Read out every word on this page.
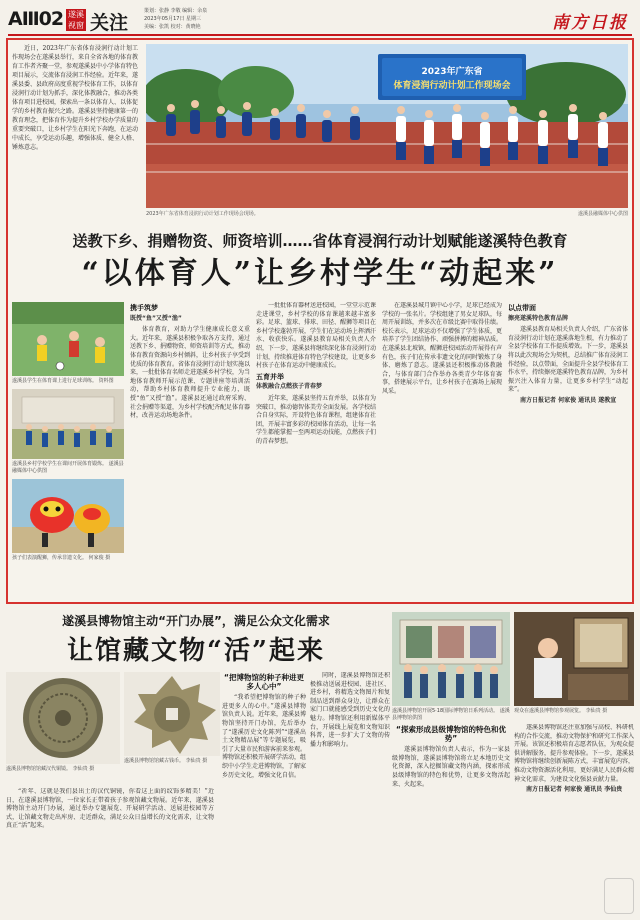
AⅢ02 遂溪 视窗 关注
策划：张静 李敬 编辑：余泉
2023年05月17日 星期三
美编：张凯 校对：黄晓艳	南方日报
近日，2023年广东省体育浸润行动计划工作现场会在遂溪县举行，来自全省各地的体育教育工作者齐聚一堂，参观遂溪县中小学体育特色项目展示，交流体育浸润工作经验。近年来，遂溪县委、县政府高度重视学校体育工作，以体育浸润行动计划为抓手，深化体教融合，推动各类体育项目进校园，探索出一条以体育人、以体促学的乡村教育振兴之路。遂溪县坚持健康第一的教育理念，把体育作为提升乡村学校办学质量的重要突破口，让乡村学生在阳光下奔跑，在运动中成长，享受运动乐趣，增强体质、健全人格、锤炼意志。
2023年广东省
体育浸润行动计划工作现场会
2023年广东省体育浸润行动计划工作现场会现场。	遂溪县融媒体中心供图
送教下乡、捐赠物资、师资培训……省体育浸润行动计划赋能遂溪特色教育
“以体育人”让乡村学生“动起来”
遂溪县学生在体育课上进行足球训练。 资料图
遂溪县乡村学校学生在课间开展体育锻炼。 遂溪县融媒体中心供图
孩子们表演醒狮，传承非遗文化。 何家俊 摄
携手筑梦
既授“鱼”又授“渔”

体育教育，对助力学生健康成长意义重大。近年来，遂溪县积极争取各方支持，通过送教下乡、捐赠物资、师资培训等方式，推动体育教育资源向乡村倾斜，让乡村孩子享受到优质的体育教育。省体育浸润行动计划实施以来，一批批体育名师走进遂溪乡村学校，为当地体育教师开展示范课、专题讲座等培训活动，帮助乡村体育教师提升专业能力，既授“鱼”又授“渔”。遂溪县还通过政府采购、社会捐赠等渠道，为乡村学校配齐配足体育器材，改善运动场地条件。

一批批体育器材送进校园，一堂堂示范课走进课堂，乡村学校的体育课越来越丰富多彩。足球、篮球、排球、田径、醒狮等项目在乡村学校蓬勃开展，学生们在运动场上挥洒汗水、收获快乐。遂溪县教育局相关负责人介绍，下一步，遂溪县将继续深化体育浸润行动计划，持续推进体育特色学校建设，让更多乡村孩子在体育运动中健康成长。

五育并举
体教融合点燃孩子青春梦

近年来，遂溪县坚持五育并举，以体育为突破口，推动德智体美劳全面发展。各学校结合自身实际，开设特色体育课程，组建体育社团，开展丰富多彩的校园体育活动，让每一名学生都能掌握一至两项运动技能，点燃孩子们的青春梦想。

在遂溪县城月镇中心小学，足球已经成为学校的一张名片。学校组建了男女足球队，每周开展训练，并多次在市级比赛中取得佳绩。校长表示，足球运动不仅增强了学生体质，更培养了学生团结协作、顽强拼搏的精神品质。在遂溪县北坡镇，醒狮进校园活动开展得有声有色，孩子们在传承非遗文化的同时锻炼了身体、磨炼了意志。遂溪县还积极推动体教融合，与体育部门合作举办各类青少年体育赛事，搭建展示平台，让乡村孩子在赛场上展现风采。

以点带面
擦亮遂溪特色教育品牌

遂溪县教育局相关负责人介绍，广东省体育浸润行动计划在遂溪落地生根，有力推动了全县学校体育工作提质增效。下一步，遂溪县将以此次现场会为契机，总结推广体育浸润工作经验，以点带面，全面提升全县学校体育工作水平，持续擦亮遂溪特色教育品牌，为乡村振兴注入体育力量，让更多乡村学生“动起来”。

南方日报记者 何家俊 通讯员 遂教宣

遂溪县博物馆主动“开门办展”，满足公众文化需求
让馆藏文物“活”起来
遂溪县博物馆馆藏汉代铜镜。 李仙贵 摄
遂溪县博物馆馆藏古钱币。 李仙贵 摄

“祈年、这就是我们县出土的汉代铜镜，你看这上面的纹饰多精美！”近日，在遂溪县博物馆，一位家长正带着孩子参观馆藏文物展。近年来，遂溪县博物馆主动开门办展，通过举办专题展览、开展研学活动、送展进校园等方式，让馆藏文物走出库房、走近群众，满足公众日益增长的文化需求，让文物真正“活”起来。

“把博物馆的种子种进更多人心中”

“我希望把博物馆的种子种进更多人的心中。”遂溪县博物馆负责人说。近年来，遂溪县博物馆坚持开门办馆，先后举办了“遂溪历史文化陈列”“遂溪出土文物精品展”等专题展览，吸引了大量市民和游客前来参观。博物馆还积极开展研学活动，组织中小学生走进博物馆，了解家乡历史文化，增强文化自信。

同时，遂溪县博物馆还积极推动送展进校园、进社区、进乡村，将精选文物图片和复制品送到群众身边，让群众在家门口就能感受到历史文化的魅力。博物馆还利用新媒体平台，开展线上展览和文物知识科普，进一步扩大了文物的传播力和影响力。

遂溪县博物馆开展5·18国际博物馆日系列活动。 遂溪县博物馆供图
观众在遂溪县博物馆参观展览。 李仙贵 摄
“探索形成县级博物馆的特色和优势”

遂溪县博物馆负责人表示，作为一家县级博物馆，遂溪县博物馆将立足本地历史文化资源，深入挖掘馆藏文物内涵，探索形成县级博物馆的特色和优势，让更多文物活起来、火起来。

遂溪县博物馆还注重加强与高校、科研机构的合作交流，推动文物保护和研究工作深入开展。该馆还积极培育志愿者队伍，为观众提供讲解服务，提升参观体验。下一步，遂溪县博物馆将继续创新展陈方式，丰富展览内容，推动文物资源活化利用，更好满足人民群众精神文化需求，为建设文化强县贡献力量。

南方日报记者 何家俊 通讯员 李仙贵
